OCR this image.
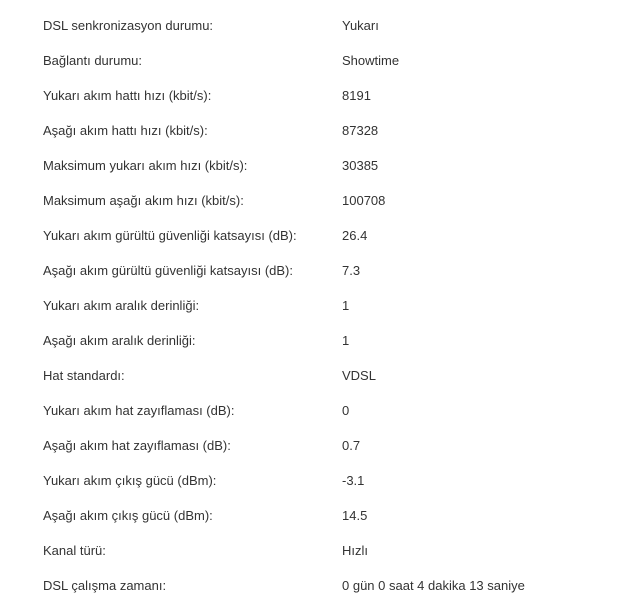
DSL senkronizasyon durumu:	Yukarı
Bağlantı durumu:	Showtime
Yukarı akım hattı hızı (kbit/s):	8191
Aşağı akım hattı hızı (kbit/s):	87328
Maksimum yukarı akım hızı (kbit/s):	30385
Maksimum aşağı akım hızı (kbit/s):	100708
Yukarı akım gürültü güvenliği katsayısı (dB):	26.4
Aşağı akım gürültü güvenliği katsayısı (dB):	7.3
Yukarı akım aralık derinliği:	1
Aşağı akım aralık derinliği:	1
Hat standardı:	VDSL
Yukarı akım hat zayıflaması (dB):	0
Aşağı akım hat zayıflaması (dB):	0.7
Yukarı akım çıkış gücü (dBm):	-3.1
Aşağı akım çıkış gücü (dBm):	14.5
Kanal türü:	Hızlı
DSL çalışma zamanı:	0 gün 0 saat 4 dakika 13 saniye
